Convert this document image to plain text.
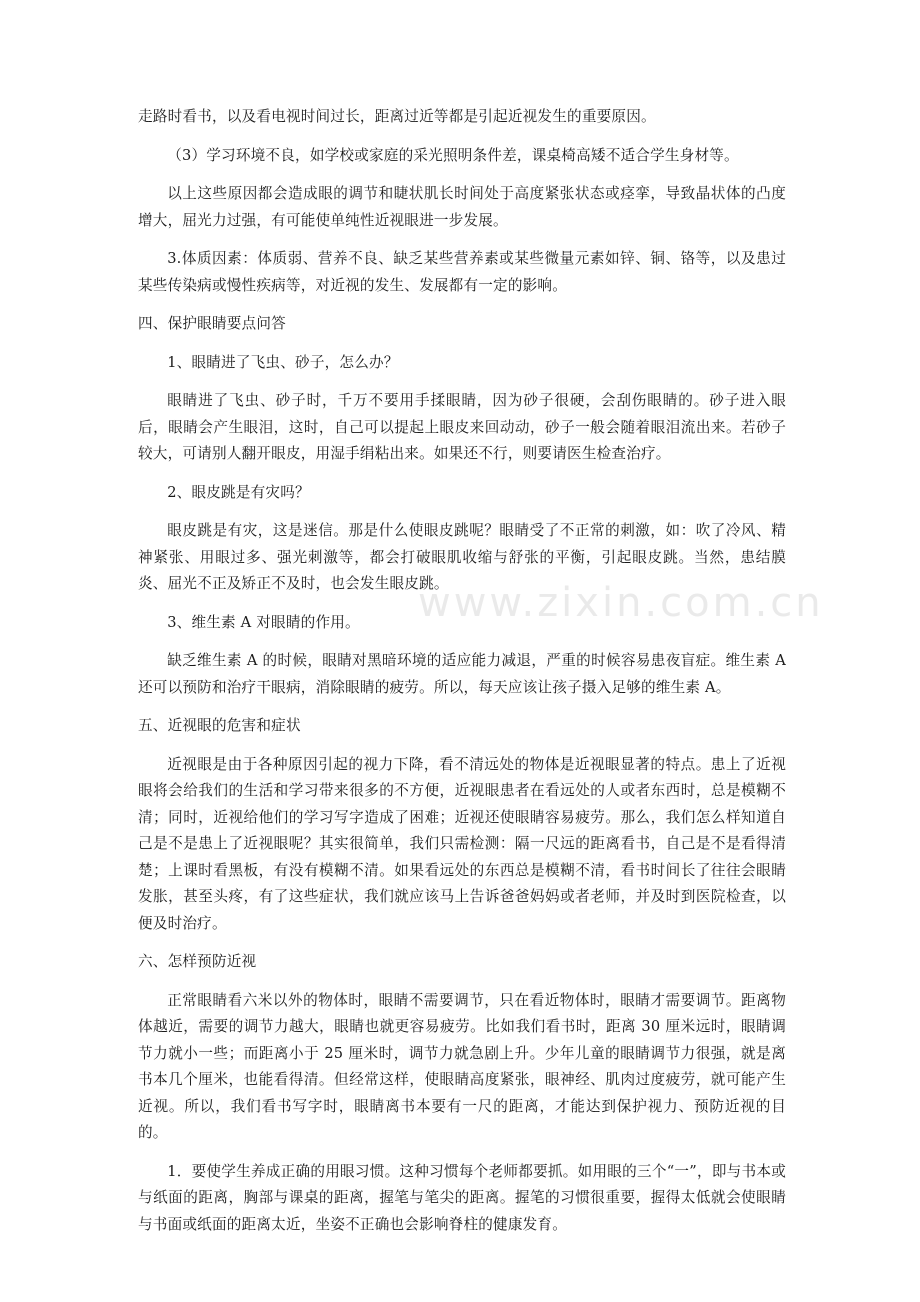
走路时看书，以及看电视时间过长，距离过近等都是引起近视发生的重要原因。

（3）学习环境不良，如学校或家庭的采光照明条件差，课桌椅高矮不适合学生身材等。

以上这些原因都会造成眼的调节和睫状肌长时间处于高度紧张状态或痉挛，导致晶状体的凸度增大，屈光力过强，有可能使单纯性近视眼进一步发展。

3.体质因素：体质弱、营养不良、缺乏某些营养素或某些微量元素如锌、铜、铬等，以及患过某些传染病或慢性疾病等，对近视的发生、发展都有一定的影响。

四、保护眼睛要点问答

1、眼睛进了飞虫、砂子，怎么办？

眼睛进了飞虫、砂子时，千万不要用手揉眼睛，因为砂子很硬，会刮伤眼睛的。砂子进入眼后，眼睛会产生眼泪，这时，自己可以提起上眼皮来回动动，砂子一般会随着眼泪流出来。若砂子较大，可请别人翻开眼皮，用湿手绢粘出来。如果还不行，则要请医生检查治疗。

2、眼皮跳是有灾吗？

眼皮跳是有灾，这是迷信。那是什么使眼皮跳呢？眼睛受了不正常的刺激，如：吹了冷风、精神紧张、用眼过多、强光刺激等，都会打破眼肌收缩与舒张的平衡，引起眼皮跳。当然，患结膜炎、屈光不正及矫正不及时，也会发生眼皮跳。

3、维生素 A 对眼睛的作用。

缺乏维生素 A 的时候，眼睛对黑暗环境的适应能力减退，严重的时候容易患夜盲症。维生素 A 还可以预防和治疗干眼病，消除眼睛的疲劳。所以，每天应该让孩子摄入足够的维生素 A。

五、近视眼的危害和症状

近视眼是由于各种原因引起的视力下降，看不清远处的物体是近视眼显著的特点。患上了近视眼将会给我们的生活和学习带来很多的不方便，近视眼患者在看远处的人或者东西时，总是模糊不清；同时，近视给他们的学习写字造成了困难；近视还使眼睛容易疲劳。那么，我们怎么样知道自己是不是患上了近视眼呢？其实很简单，我们只需检测：隔一尺远的距离看书，自己是不是看得清楚；上课时看黑板，有没有模糊不清。如果看远处的东西总是模糊不清，看书时间长了往往会眼睛发胀，甚至头疼，有了这些症状，我们就应该马上告诉爸爸妈妈或者老师，并及时到医院检查，以便及时治疗。

六、怎样预防近视

正常眼睛看六米以外的物体时，眼睛不需要调节，只在看近物体时，眼睛才需要调节。距离物体越近，需要的调节力越大，眼睛也就更容易疲劳。比如我们看书时，距离 30 厘米远时，眼睛调节力就小一些；而距离小于 25 厘米时，调节力就急剧上升。少年儿童的眼睛调节力很强，就是离书本几个厘米，也能看得清。但经常这样，使眼睛高度紧张，眼神经、肌肉过度疲劳，就可能产生近视。所以，我们看书写字时，眼睛离书本要有一尺的距离，才能达到保护视力、预防近视的目的。

1．要使学生养成正确的用眼习惯。这种习惯每个老师都要抓。如用眼的三个“一”，即与书本或与纸面的距离，胸部与课桌的距离，握笔与笔尖的距离。握笔的习惯很重要，握得太低就会使眼睛与书面或纸面的距离太近，坐姿不正确也会影响脊柱的健康发育。

www.zixin.com.cn
